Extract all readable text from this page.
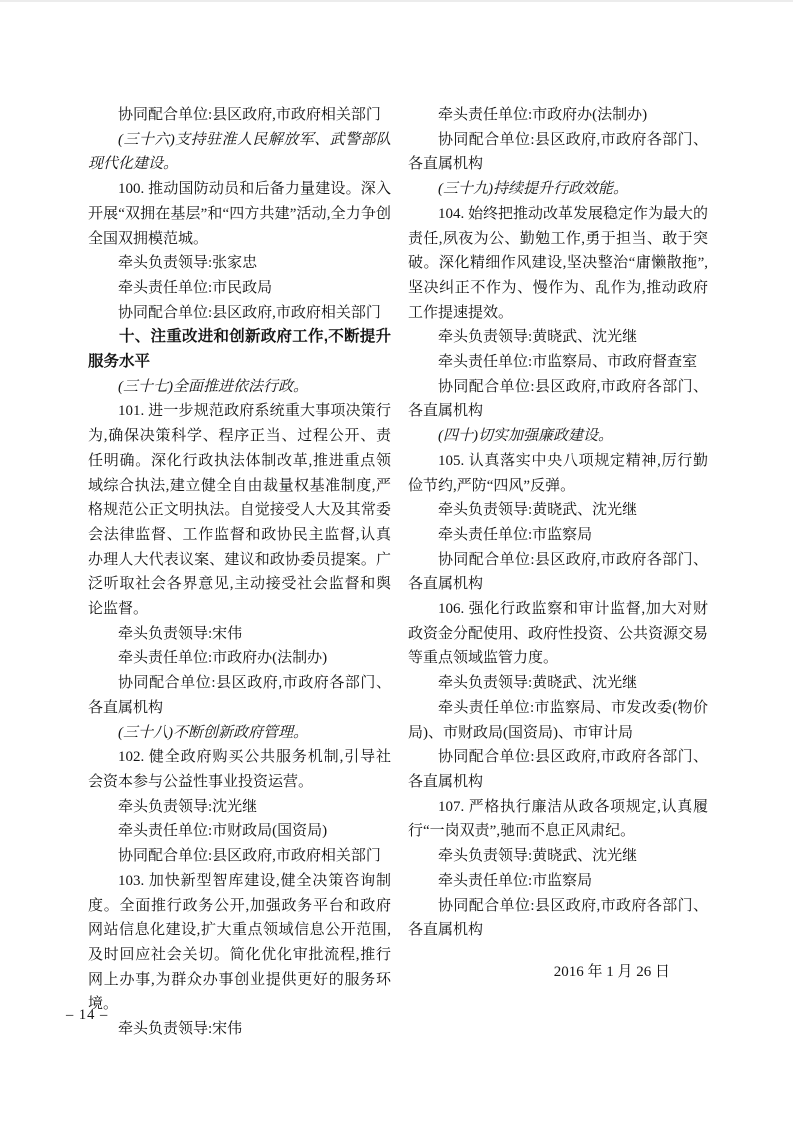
协同配合单位:县区政府,市政府相关部门

(三十六)支持驻淮人民解放军、武警部队现代化建设。

100. 推动国防动员和后备力量建设。深入开展“双拥在基层”和“四方共建”活动,全力争创全国双拥模范城。

牵头负责领导:张家忠

牵头责任单位:市民政局

协同配合单位:县区政府,市政府相关部门

十、注重改进和创新政府工作,不断提升服务水平

(三十七)全面推进依法行政。

101. 进一步规范政府系统重大事项决策行为,确保决策科学、程序正当、过程公开、责任明确。深化行政执法体制改革,推进重点领域综合执法,建立健全自由裁量权基准制度,严格规范公正文明执法。自觉接受人大及其常委会法律监督、工作监督和政协民主监督,认真办理人大代表议案、建议和政协委员提案。广泛听取社会各界意见,主动接受社会监督和舆论监督。

牵头负责领导:宋伟

牵头责任单位:市政府办(法制办)

协同配合单位:县区政府,市政府各部门、各直属机构

(三十八)不断创新政府管理。

102. 健全政府购买公共服务机制,引导社会资本参与公益性事业投资运营。

牵头负责领导:沈光继

牵头责任单位:市财政局(国资局)

协同配合单位:县区政府,市政府相关部门

103. 加快新型智库建设,健全决策咨询制度。全面推行政务公开,加强政务平台和政府网站信息化建设,扩大重点领域信息公开范围,及时回应社会关切。简化优化审批流程,推行网上办事,为群众办事创业提供更好的服务环境。

牵头负责领导:宋伟

牵头责任单位:市政府办(法制办)

协同配合单位:县区政府,市政府各部门、各直属机构

(三十九)持续提升行政效能。

104. 始终把推动改革发展稳定作为最大的责任,夙夜为公、勤勉工作,勇于担当、敢于突破。深化精细作风建设,坚决整治“庸懒散拖”,坚决纠正不作为、慢作为、乱作为,推动政府工作提速提效。

牵头负责领导:黄晓武、沈光继

牵头责任单位:市监察局、市政府督查室

协同配合单位:县区政府,市政府各部门、各直属机构

(四十)切实加强廉政建设。

105. 认真落实中央八项规定精神,厉行勤俭节约,严防“四风”反弹。

牵头负责领导:黄晓武、沈光继

牵头责任单位:市监察局

协同配合单位:县区政府,市政府各部门、各直属机构

106. 强化行政监察和审计监督,加大对财政资金分配使用、政府性投资、公共资源交易等重点领域监管力度。

牵头负责领导:黄晓武、沈光继

牵头责任单位:市监察局、市发改委(物价局)、市财政局(国资局)、市审计局

协同配合单位:县区政府,市政府各部门、各直属机构

107. 严格执行廉洁从政各项规定,认真履行“一岗双责”,驰而不息正风肃纪。

牵头负责领导:黄晓武、沈光继

牵头责任单位:市监察局

协同配合单位:县区政府,市政府各部门、各直属机构

2016 年 1 月 26 日

– 14 –
